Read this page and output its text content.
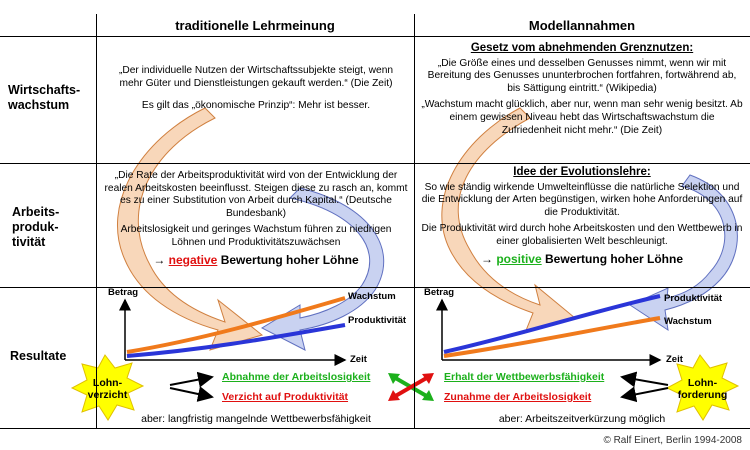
traditionelle Lehrmeinung	Modellannahmen
Wirtschafts-
wachstum
Arbeits-
produk-
tivität
Resultate

„Der individuelle Nutzen der Wirtschaftssubjekte steigt, wenn mehr Güter und Dienstleistungen gekauft werden.“ (Die Zeit)

Es gilt das „ökonomische Prinzip“: Mehr ist besser.

Gesetz vom abnehmenden Grenznutzen:

„Die Größe eines und desselben Genusses nimmt, wenn wir mit Bereitung des Genusses ununterbrochen fortfahren, fortwährend ab, bis Sättigung eintritt.“ (Wikipedia)

„Wachstum macht glücklich, aber nur, wenn man sehr wenig besitzt. Ab einem gewissen Niveau hebt das Wirtschaftswachstum die Zufriedenheit nicht mehr.“ (Die Zeit)

„Die Rate der Arbeitsproduktivität wird von der Entwicklung der realen Arbeitskosten beeinflusst. Steigen diese zu rasch an, kommt es zu einer Substitution von Arbeit durch Kapital.“ (Deutsche Bundesbank)

Arbeitslosigkeit und geringes Wachstum führen zu niedrigen Löhnen und Produktivitätszuwächsen

→ negative Bewertung hoher Löhne
Idee der Evolutionslehre:

So wie ständig wirkende Umwelteinflüsse die natürliche Selektion und die Entwicklung der Arten begünstigen, wirken hohe Anforderungen auf die Produktivität.

Die Produktivität wird durch hohe Arbeitskosten und den Wettbewerb in einer globalisierten Welt beschleunigt.

→ positive Bewertung hoher Löhne
Betrag
Zeit
Wachstum
Produktivität
Lohn-
verzicht
Abnahme der Arbeitslosigkeit
Verzicht auf Produktivität
aber: langfristig mangelnde Wettbewerbsfähigkeit
Betrag
Zeit
Produktivität
Wachstum
Lohn-
forderung
Erhalt der Wettbewerbsfähigkeit
Zunahme der Arbeitslosigkeit
aber: Arbeitszeitverkürzung möglich
© Ralf Einert, Berlin 1994-2008
